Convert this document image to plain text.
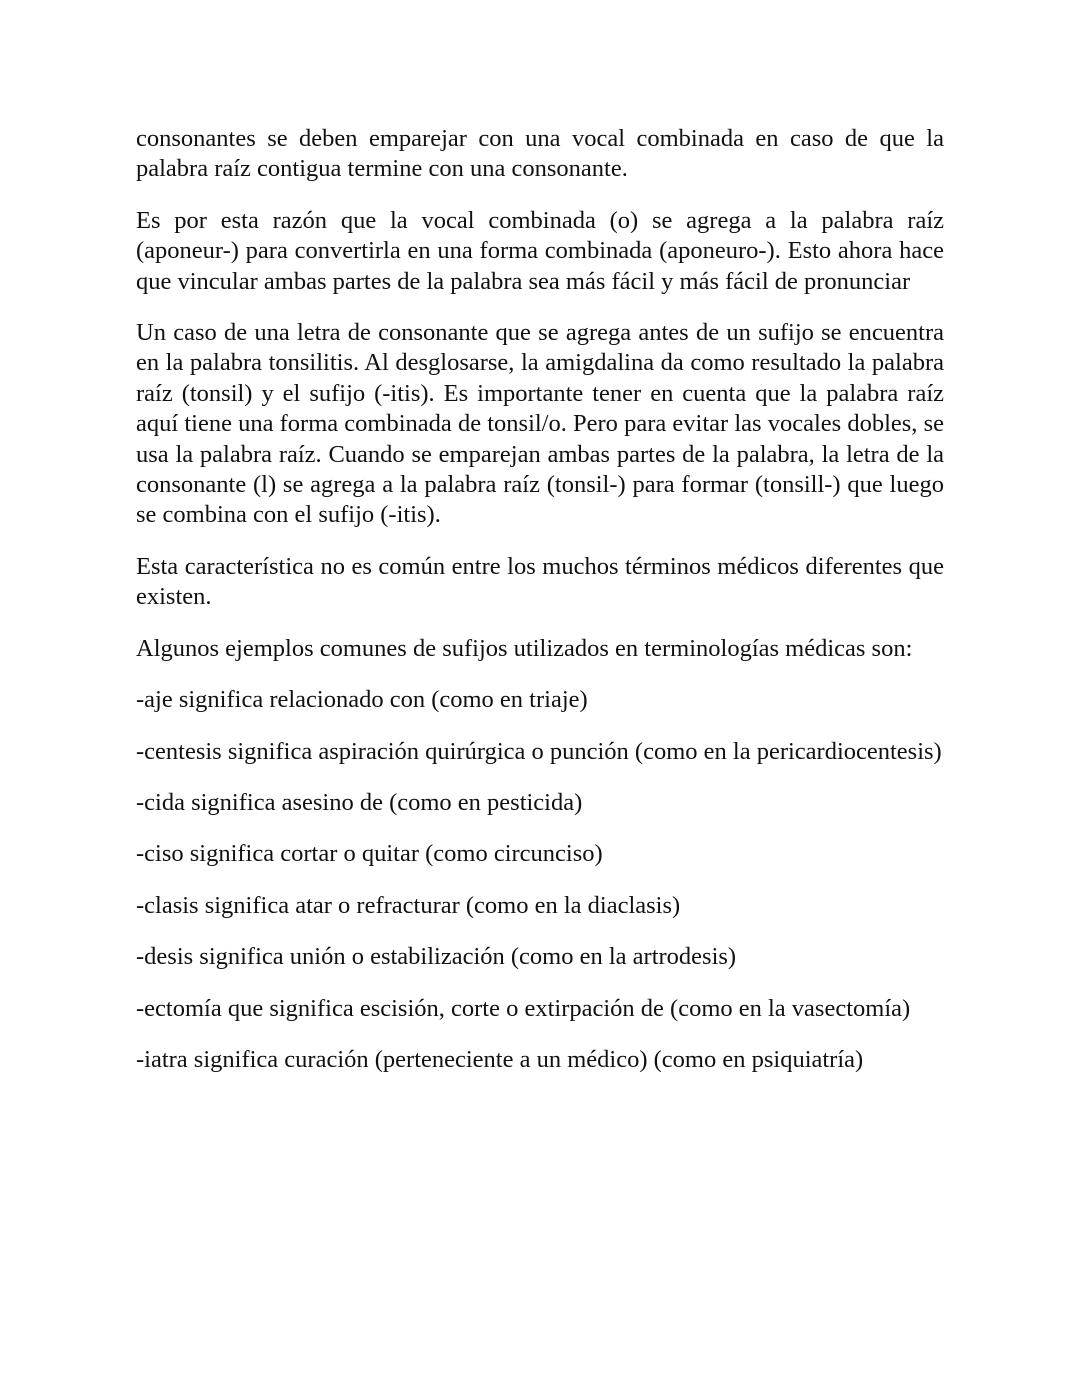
consonantes se deben emparejar con una vocal combinada en caso de que la palabra raíz contigua termine con una consonante.

Es por esta razón que la vocal combinada (o) se agrega a la palabra raíz (aponeur-) para convertirla en una forma combinada (aponeuro-). Esto ahora hace que vincular ambas partes de la palabra sea más fácil y más fácil de pronunciar

Un caso de una letra de consonante que se agrega antes de un sufijo se encuentra en la palabra tonsilitis. Al desglosarse, la amigdalina da como resultado la palabra raíz (tonsil) y el sufijo (-itis). Es importante tener en cuenta que la palabra raíz aquí tiene una forma combinada de tonsil/o. Pero para evitar las vocales dobles, se usa la palabra raíz. Cuando se emparejan ambas partes de la palabra, la letra de la consonante (l) se agrega a la palabra raíz (tonsil-) para formar (tonsill-) que luego se combina con el sufijo (-itis).

Esta característica no es común entre los muchos términos médicos diferentes que existen.

Algunos ejemplos comunes de sufijos utilizados en terminologías médicas son:

-aje significa relacionado con (como en triaje)

-centesis significa aspiración quirúrgica o punción (como en la pericardiocentesis)

-cida significa asesino de (como en pesticida)

-ciso significa cortar o quitar (como circunciso)

-clasis significa atar o refracturar (como en la diaclasis)

-desis significa unión o estabilización (como en la artrodesis)

-ectomía que significa escisión, corte o extirpación de (como en la vasectomía)

-iatra significa curación (perteneciente a un médico) (como en psiquiatría)
